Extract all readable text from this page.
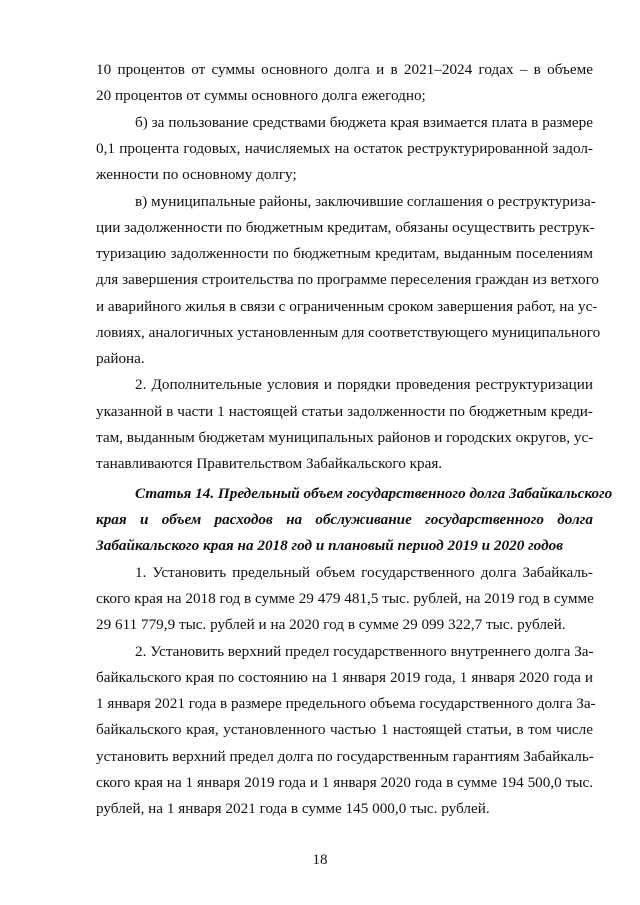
10 процентов от суммы основного долга и в 2021–2024 годах – в объеме
20 процентов от суммы основного долга ежегодно;
б) за пользование средствами бюджета края взимается плата в размере
0,1 процента годовых, начисляемых на остаток реструктурированной задол-
женности по основному долгу;
в) муниципальные районы, заключившие соглашения о реструктуриза-
ции задолженности по бюджетным кредитам, обязаны осуществить реструк-
туризацию задолженности по бюджетным кредитам, выданным поселениям
для завершения строительства по программе переселения граждан из ветхого
и аварийного жилья в связи с ограниченным сроком завершения работ, на ус-
ловиях, аналогичных установленным для соответствующего муниципального
района.
2. Дополнительные условия и порядки проведения реструктуризации
указанной в части 1 настоящей статьи задолженности по бюджетным креди-
там, выданным бюджетам муниципальных районов и городских округов, ус-
танавливаются Правительством Забайкальского края.
Статья 14. Предельный объем государственного долга Забайкальского
края и объем расходов на обслуживание государственного долга
Забайкальского края на 2018 год и плановый период 2019 и 2020 годов
1. Установить предельный объем государственного долга Забайкаль-
ского края на 2018 год в сумме 29 479 481,5 тыс. рублей, на 2019 год в сумме
29 611 779,9 тыс. рублей и на 2020 год в сумме 29 099 322,7 тыс. рублей.
2. Установить верхний предел государственного внутреннего долга За-
байкальского края по состоянию на 1 января 2019 года, 1 января 2020 года и
1 января 2021 года в размере предельного объема государственного долга За-
байкальского края, установленного частью 1 настоящей статьи, в том числе
установить верхний предел долга по государственным гарантиям Забайкаль-
ского края на 1 января 2019 года и 1 января 2020 года в сумме 194 500,0 тыс.
рублей, на 1 января 2021 года в сумме 145 000,0 тыс. рублей.
18
